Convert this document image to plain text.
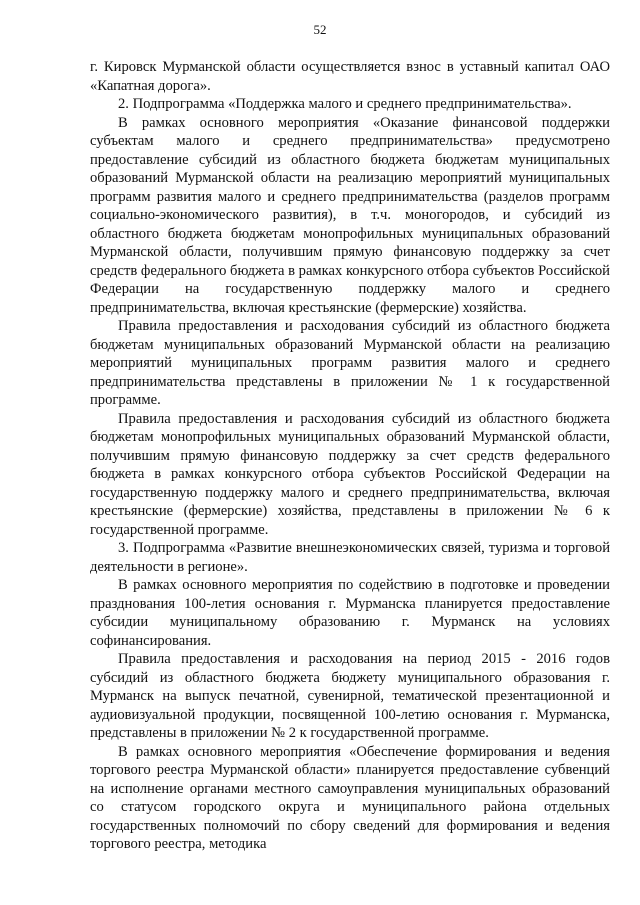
52

г. Кировск Мурманской области осуществляется взнос в уставный капитал ОАО «Капатная дорога».

2. Подпрограмма «Поддержка малого и среднего предпринимательства».

В рамках основного мероприятия «Оказание финансовой поддержки субъектам малого и среднего предпринимательства» предусмотрено предоставление субсидий из областного бюджета бюджетам муниципальных образований Мурманской области на реализацию мероприятий муниципальных программ развития малого и среднего предпринимательства (разделов программ социально-экономического развития), в т.ч. моногородов, и субсидий из областного бюджета бюджетам монопрофильных муниципальных образований Мурманской области, получившим прямую финансовую поддержку за счет средств федерального бюджета в рамках конкурсного отбора субъектов Российской Федерации на государственную поддержку малого и среднего предпринимательства, включая крестьянские (фермерские) хозяйства.

Правила предоставления и расходования субсидий из областного бюджета бюджетам муниципальных образований Мурманской области на реализацию мероприятий муниципальных программ развития малого и среднего предпринимательства представлены в приложении № 1 к государственной программе.

Правила предоставления и расходования субсидий из областного бюджета бюджетам монопрофильных муниципальных образований Мурманской области, получившим прямую финансовую поддержку за счет средств федерального бюджета в рамках конкурсного отбора субъектов Российской Федерации на государственную поддержку малого и среднего предпринимательства, включая крестьянские (фермерские) хозяйства, представлены в приложении № 6 к государственной программе.

3. Подпрограмма «Развитие внешнеэкономических связей, туризма и торговой деятельности в регионе».

В рамках основного мероприятия по содействию в подготовке и проведении празднования 100-летия основания г. Мурманска планируется предоставление субсидии муниципальному образованию г. Мурманск на условиях софинансирования.

Правила предоставления и расходования на период 2015 - 2016 годов субсидий из областного бюджета бюджету муниципального образования г. Мурманск на выпуск печатной, сувенирной, тематической презентационной и аудиовизуальной продукции, посвященной 100-летию основания г. Мурманска, представлены в приложении № 2 к государственной программе.

В рамках основного мероприятия «Обеспечение формирования и ведения торгового реестра Мурманской области» планируется предоставление субвенций на исполнение органами местного самоуправления муниципальных образований со статусом городского округа и муниципального района отдельных государственных полномочий по сбору сведений для формирования и ведения торгового реестра, методика
